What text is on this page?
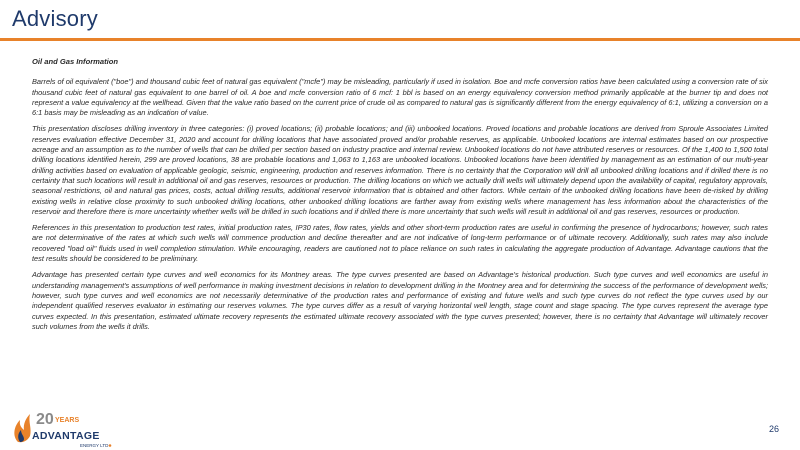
Advisory
Oil and Gas Information

Barrels of oil equivalent ("boe") and thousand cubic feet of natural gas equivalent ("mcfe") may be misleading, particularly if used in isolation. Boe and mcfe conversion ratios have been calculated using a conversion rate of six thousand cubic feet of natural gas equivalent to one barrel of oil. A boe and mcfe conversion ratio of 6 mcf: 1 bbl is based on an energy equivalency conversion method primarily applicable at the burner tip and does not represent a value equivalency at the wellhead. Given that the value ratio based on the current price of crude oil as compared to natural gas is significantly different from the energy equivalency of 6:1, utilizing a conversion on a 6:1 basis may be misleading as an indication of value.

This presentation discloses drilling inventory in three categories: (i) proved locations; (ii) probable locations; and (iii) unbooked locations. Proved locations and probable locations are derived from Sproule Associates Limited reserves evaluation effective December 31, 2020 and account for drilling locations that have associated proved and/or probable reserves, as applicable. Unbooked locations are internal estimates based on our prospective acreage and an assumption as to the number of wells that can be drilled per section based on industry practice and internal review. Unbooked locations do not have attributed reserves or resources. Of the 1,400 to 1,500 total drilling locations identified herein, 299 are proved locations, 38 are probable locations and 1,063 to 1,163 are unbooked locations. Unbooked locations have been identified by management as an estimation of our multi-year drilling activities based on evaluation of applicable geologic, seismic, engineering, production and reserves information. There is no certainty that the Corporation will drill all unbooked drilling locations and if drilled there is no certainty that such locations will result in additional oil and gas reserves, resources or production. The drilling locations on which we actually drill wells will ultimately depend upon the availability of capital, regulatory approvals, seasonal restrictions, oil and natural gas prices, costs, actual drilling results, additional reservoir information that is obtained and other factors. While certain of the unbooked drilling locations have been de-risked by drilling existing wells in relative close proximity to such unbooked drilling locations, other unbooked drilling locations are farther away from existing wells where management has less information about the characteristics of the reservoir and therefore there is more uncertainty whether wells will be drilled in such locations and if drilled there is more uncertainty that such wells will result in additional oil and gas reserves, resources or production.

References in this presentation to production test rates, initial production rates, IP30 rates, flow rates, yields and other short-term production rates are useful in confirming the presence of hydrocarbons; however, such rates are not determinative of the rates at which such wells will commence production and decline thereafter and are not indicative of long-term performance or of ultimate recovery. Additionally, such rates may also include recovered "load oil" fluids used in well completion stimulation. While encouraging, readers are cautioned not to place reliance on such rates in calculating the aggregate production of Advantage. Advantage cautions that the test results should be considered to be preliminary.

Advantage has presented certain type curves and well economics for its Montney areas. The type curves presented are based on Advantage's historical production. Such type curves and well economics are useful in understanding management's assumptions of well performance in making investment decisions in relation to development drilling in the Montney area and for determining the success of the performance of development wells; however, such type curves and well economics are not necessarily determinative of the production rates and performance of existing and future wells and such type curves do not reflect the type curves used by our independent qualified reserves evaluator in estimating our reserves volumes. The type curves differ as a result of varying horizontal well length, stage count and stage spacing. The type curves represent the average type curves expected. In this presentation, estimated ultimate recovery represents the estimated ultimate recovery associated with the type curves presented; however, there is no certainty that Advantage will ultimately recover such volumes from the wells it drills.

20 YEARS
ADVANTAGE
ENERGY LTD
26
